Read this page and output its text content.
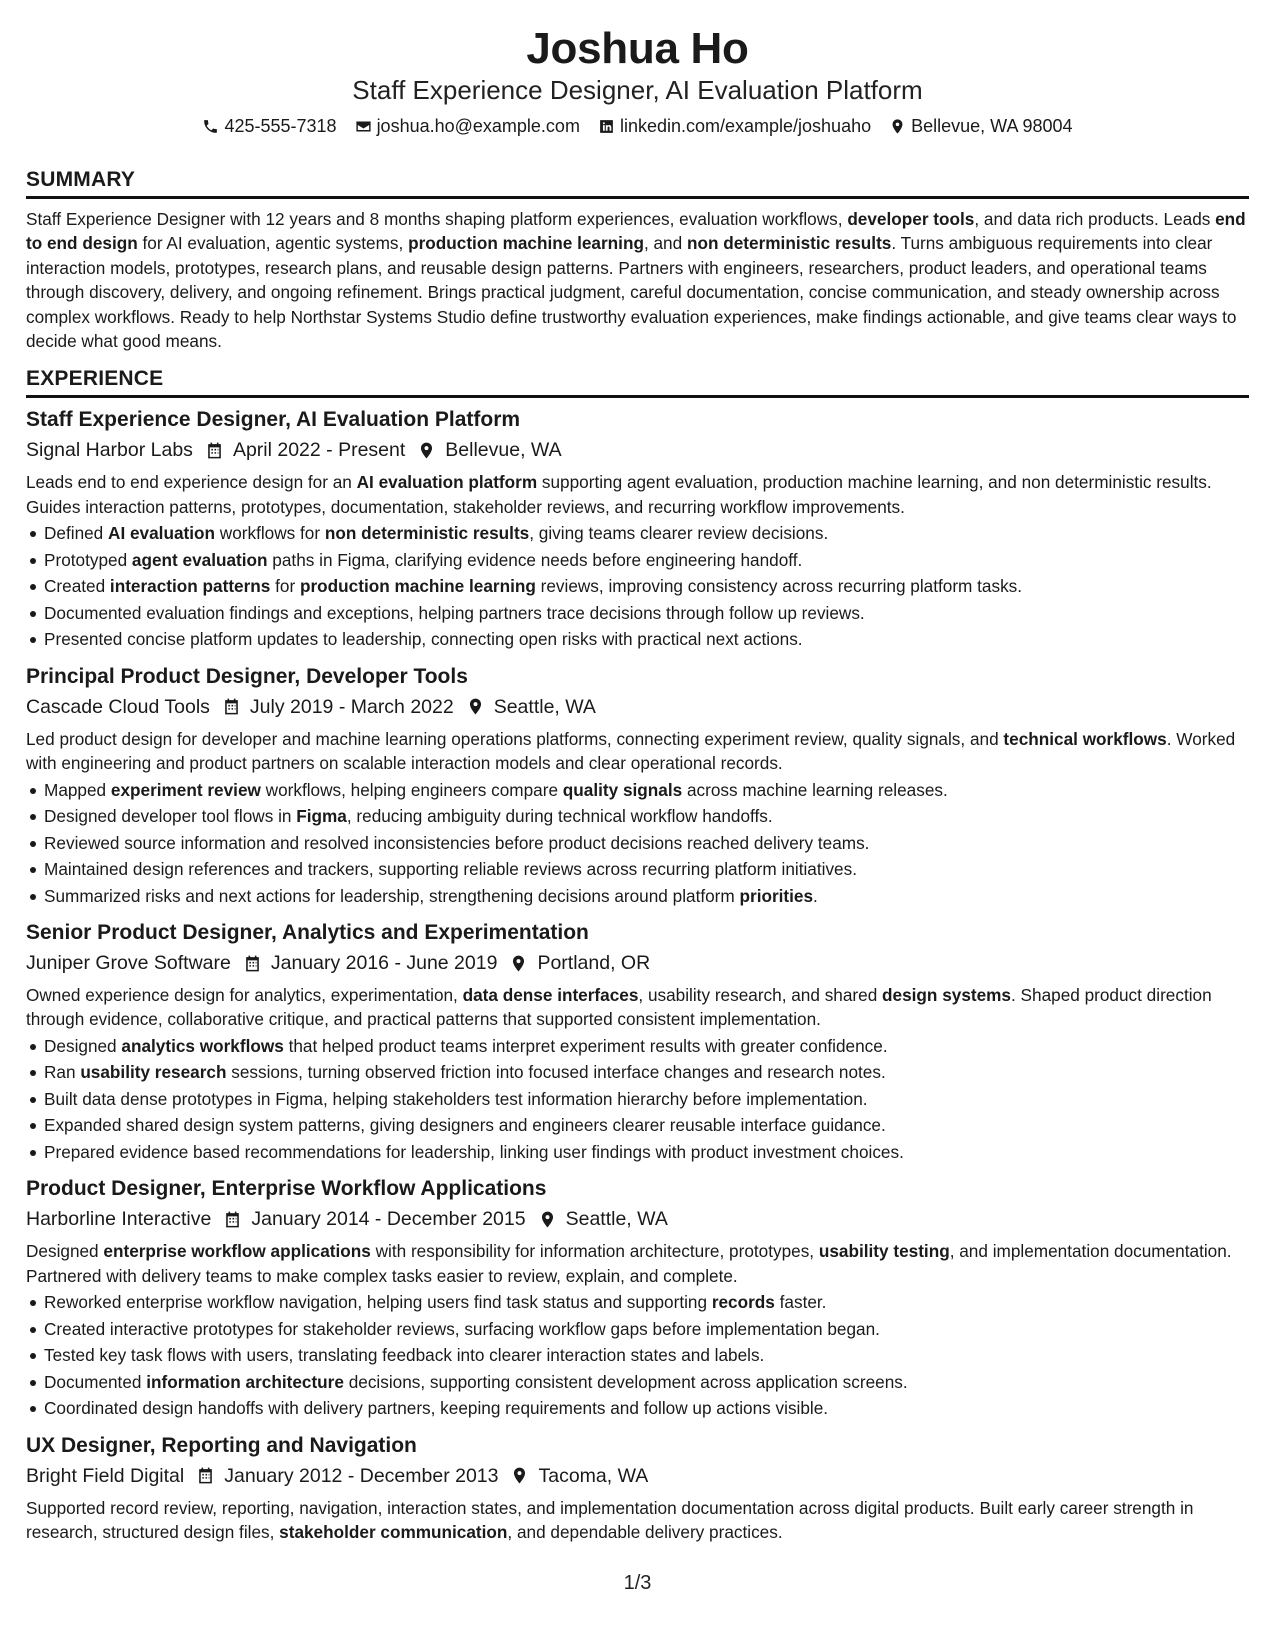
Joshua Ho
Staff Experience Designer, AI Evaluation Platform
425-555-7318 joshua.ho@example.com linkedin.com/example/joshuaho Bellevue, WA 98004
SUMMARY

Staff Experience Designer with 12 years and 8 months shaping platform experiences, evaluation workflows, developer tools, and data rich products. Leads end to end design for AI evaluation, agentic systems, production machine learning, and non deterministic results. Turns ambiguous requirements into clear interaction models, prototypes, research plans, and reusable design patterns. Partners with engineers, researchers, product leaders, and operational teams through discovery, delivery, and ongoing refinement. Brings practical judgment, careful documentation, concise communication, and steady ownership across complex workflows. Ready to help Northstar Systems Studio define trustworthy evaluation experiences, make findings actionable, and give teams clear ways to decide what good means.

EXPERIENCE
Staff Experience Designer, AI Evaluation Platform
Signal Harbor Labs April 2022 - Present Bellevue, WA

Leads end to end experience design for an AI evaluation platform supporting agent evaluation, production machine learning, and non deterministic results. Guides interaction patterns, prototypes, documentation, stakeholder reviews, and recurring workflow improvements.

Defined AI evaluation workflows for non deterministic results, giving teams clearer review decisions.
Prototyped agent evaluation paths in Figma, clarifying evidence needs before engineering handoff.
Created interaction patterns for production machine learning reviews, improving consistency across recurring platform tasks.
Documented evaluation findings and exceptions, helping partners trace decisions through follow up reviews.
Presented concise platform updates to leadership, connecting open risks with practical next actions.
Principal Product Designer, Developer Tools
Cascade Cloud Tools July 2019 - March 2022 Seattle, WA

Led product design for developer and machine learning operations platforms, connecting experiment review, quality signals, and technical workflows. Worked with engineering and product partners on scalable interaction models and clear operational records.

Mapped experiment review workflows, helping engineers compare quality signals across machine learning releases.
Designed developer tool flows in Figma, reducing ambiguity during technical workflow handoffs.
Reviewed source information and resolved inconsistencies before product decisions reached delivery teams.
Maintained design references and trackers, supporting reliable reviews across recurring platform initiatives.
Summarized risks and next actions for leadership, strengthening decisions around platform priorities.
Senior Product Designer, Analytics and Experimentation
Juniper Grove Software January 2016 - June 2019 Portland, OR

Owned experience design for analytics, experimentation, data dense interfaces, usability research, and shared design systems. Shaped product direction through evidence, collaborative critique, and practical patterns that supported consistent implementation.

Designed analytics workflows that helped product teams interpret experiment results with greater confidence.
Ran usability research sessions, turning observed friction into focused interface changes and research notes.
Built data dense prototypes in Figma, helping stakeholders test information hierarchy before implementation.
Expanded shared design system patterns, giving designers and engineers clearer reusable interface guidance.
Prepared evidence based recommendations for leadership, linking user findings with product investment choices.
Product Designer, Enterprise Workflow Applications
Harborline Interactive January 2014 - December 2015 Seattle, WA

Designed enterprise workflow applications with responsibility for information architecture, prototypes, usability testing, and implementation documentation. Partnered with delivery teams to make complex tasks easier to review, explain, and complete.

Reworked enterprise workflow navigation, helping users find task status and supporting records faster.
Created interactive prototypes for stakeholder reviews, surfacing workflow gaps before implementation began.
Tested key task flows with users, translating feedback into clearer interaction states and labels.
Documented information architecture decisions, supporting consistent development across application screens.
Coordinated design handoffs with delivery partners, keeping requirements and follow up actions visible.
UX Designer, Reporting and Navigation
Bright Field Digital January 2012 - December 2013 Tacoma, WA

Supported record review, reporting, navigation, interaction states, and implementation documentation across digital products. Built early career strength in research, structured design files, stakeholder communication, and dependable delivery practices.

1/3
